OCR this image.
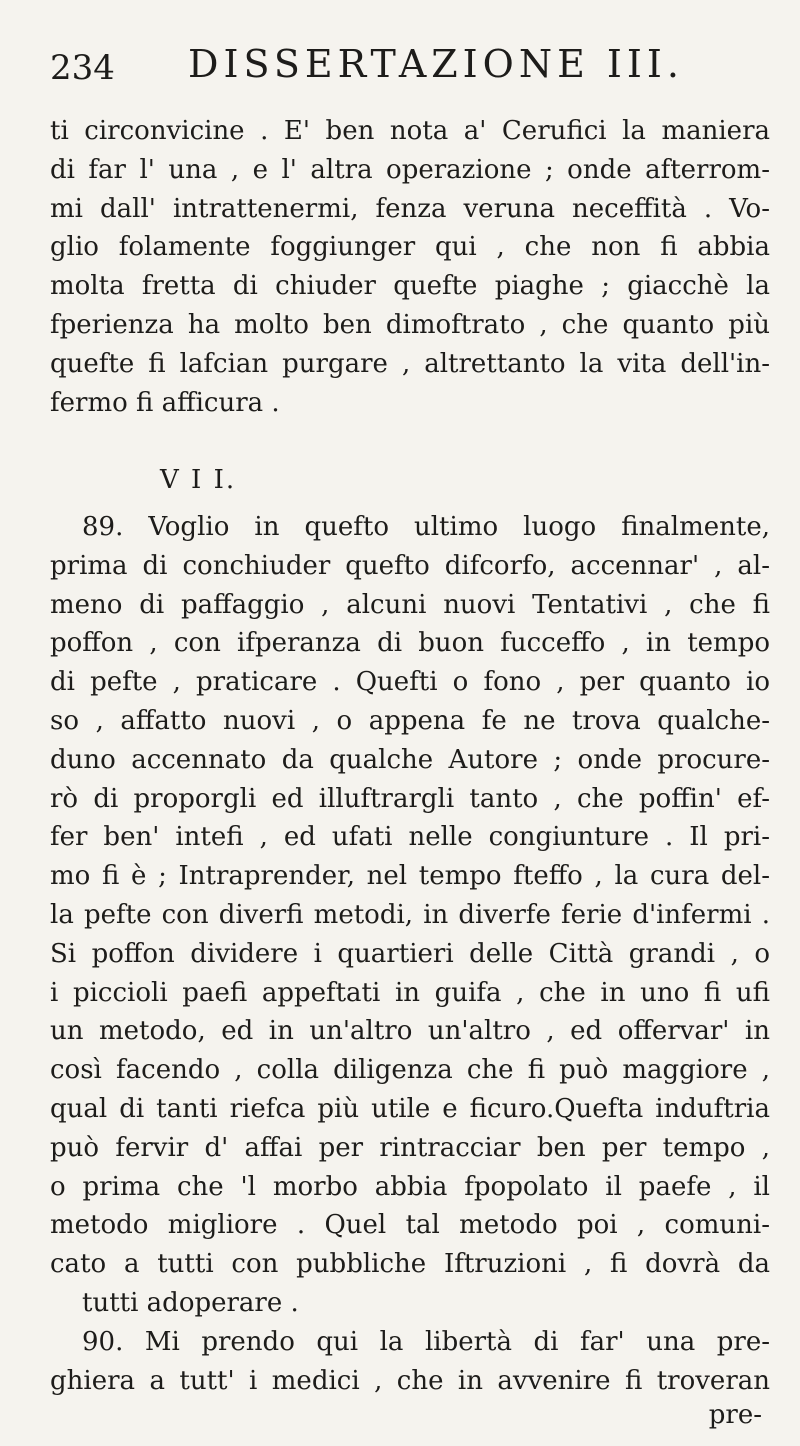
234 DISSERTAZIONE III.
ti circonvicine . E' ben nota a' Cerufici la maniera
di far l' una , e l' altra operazione ; onde afterrom-
mi dall' intrattenermi, fenza veruna neceffità . Vo-
glio folamente foggiunger qui , che non fi abbia
molta fretta di chiuder quefte piaghe ; giacchè la
fperienza ha molto ben dimoftrato , che quanto più
quefte fi lafcian purgare , altrettanto la vita dell'in-
fermo fi afficura .
V I I.
89. Voglio in quefto ultimo luogo finalmente,
prima di conchiuder quefto difcorfo, accennar' , al-
meno di paffaggio , alcuni nuovi Tentativi , che fi
poffon , con ifperanza di buon fucceffo , in tempo
di pefte , praticare . Quefti o fono , per quanto io
so , affatto nuovi , o appena fe ne trova qualche-
duno accennato da qualche Autore ; onde procure-
rò di proporgli ed illuftrargli tanto , che poffin' ef-
fer ben' intefi , ed ufati nelle congiunture . Il pri-
mo fi è ; Intraprender, nel tempo fteffo , la cura del-
la pefte con diverfi metodi, in diverfe ferie d'infermi .
Si poffon dividere i quartieri delle Città grandi , o
i piccioli paefi appeftati in guifa , che in uno fi ufi
un metodo, ed in un'altro un'altro , ed offervar' in
così facendo , colla diligenza che fi può maggiore ,
qual di tanti riefca più utile e ficuro.Quefta induftria
può fervir d' affai per rintracciar ben per tempo ,
o prima che 'l morbo abbia fpopolato il paefe , il
metodo migliore . Quel tal metodo poi , comuni-
cato a tutti con pubbliche Iftruzioni , fi dovrà da
tutti adoperare .
90. Mi prendo qui la libertà di far' una pre-
ghiera a tutt' i medici , che in avvenire fi troveran
pre-
